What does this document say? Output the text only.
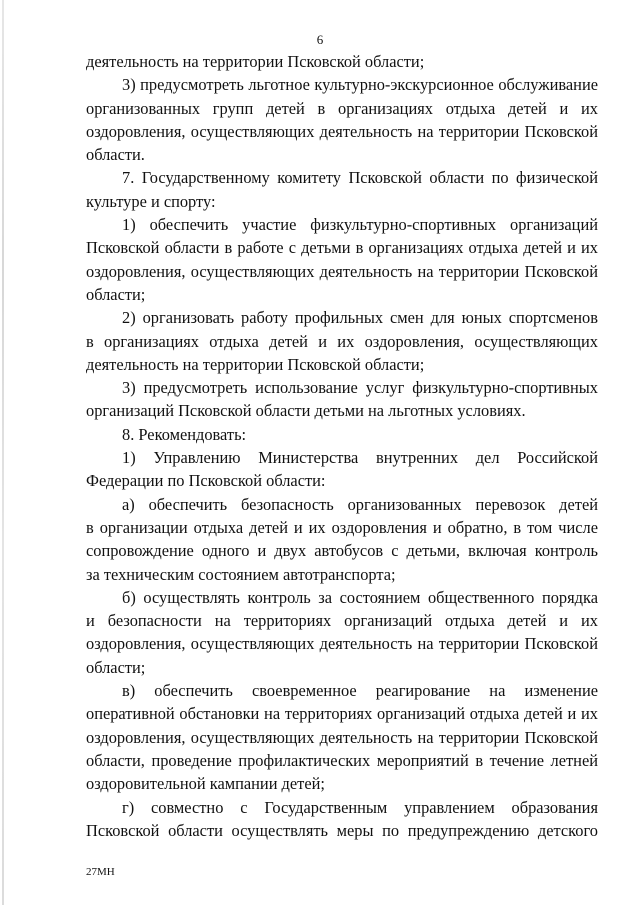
6
деятельность на территории Псковской области;
3) предусмотреть льготное культурно-экскурсионное обслуживание
организованных групп детей в организациях отдыха детей и их
оздоровления, осуществляющих деятельность на территории Псковской
области.
7. Государственному комитету Псковской области по физической
культуре и спорту:
1) обеспечить участие физкультурно-спортивных организаций
Псковской области в работе с детьми в организациях отдыха детей и их
оздоровления, осуществляющих деятельность на территории Псковской
области;
2) организовать работу профильных смен для юных спортсменов
в организациях отдыха детей и их оздоровления, осуществляющих
деятельность на территории Псковской области;
3) предусмотреть использование услуг физкультурно-спортивных
организаций Псковской области детьми на льготных условиях.
8. Рекомендовать:
1) Управлению Министерства внутренних дел Российской
Федерации по Псковской области:
а) обеспечить безопасность организованных перевозок детей
в организации отдыха детей и их оздоровления и обратно, в том числе
сопровождение одного и двух автобусов с детьми, включая контроль
за техническим состоянием автотранспорта;
б) осуществлять контроль за состоянием общественного порядка
и безопасности на территориях организаций отдыха детей и их
оздоровления, осуществляющих деятельность на территории Псковской
области;
в) обеспечить своевременное реагирование на изменение
оперативной обстановки на территориях организаций отдыха детей и их
оздоровления, осуществляющих деятельность на территории Псковской
области, проведение профилактических мероприятий в течение летней
оздоровительной кампании детей;
г) совместно с Государственным управлением образования
Псковской области осуществлять меры по предупреждению детского
27МН
